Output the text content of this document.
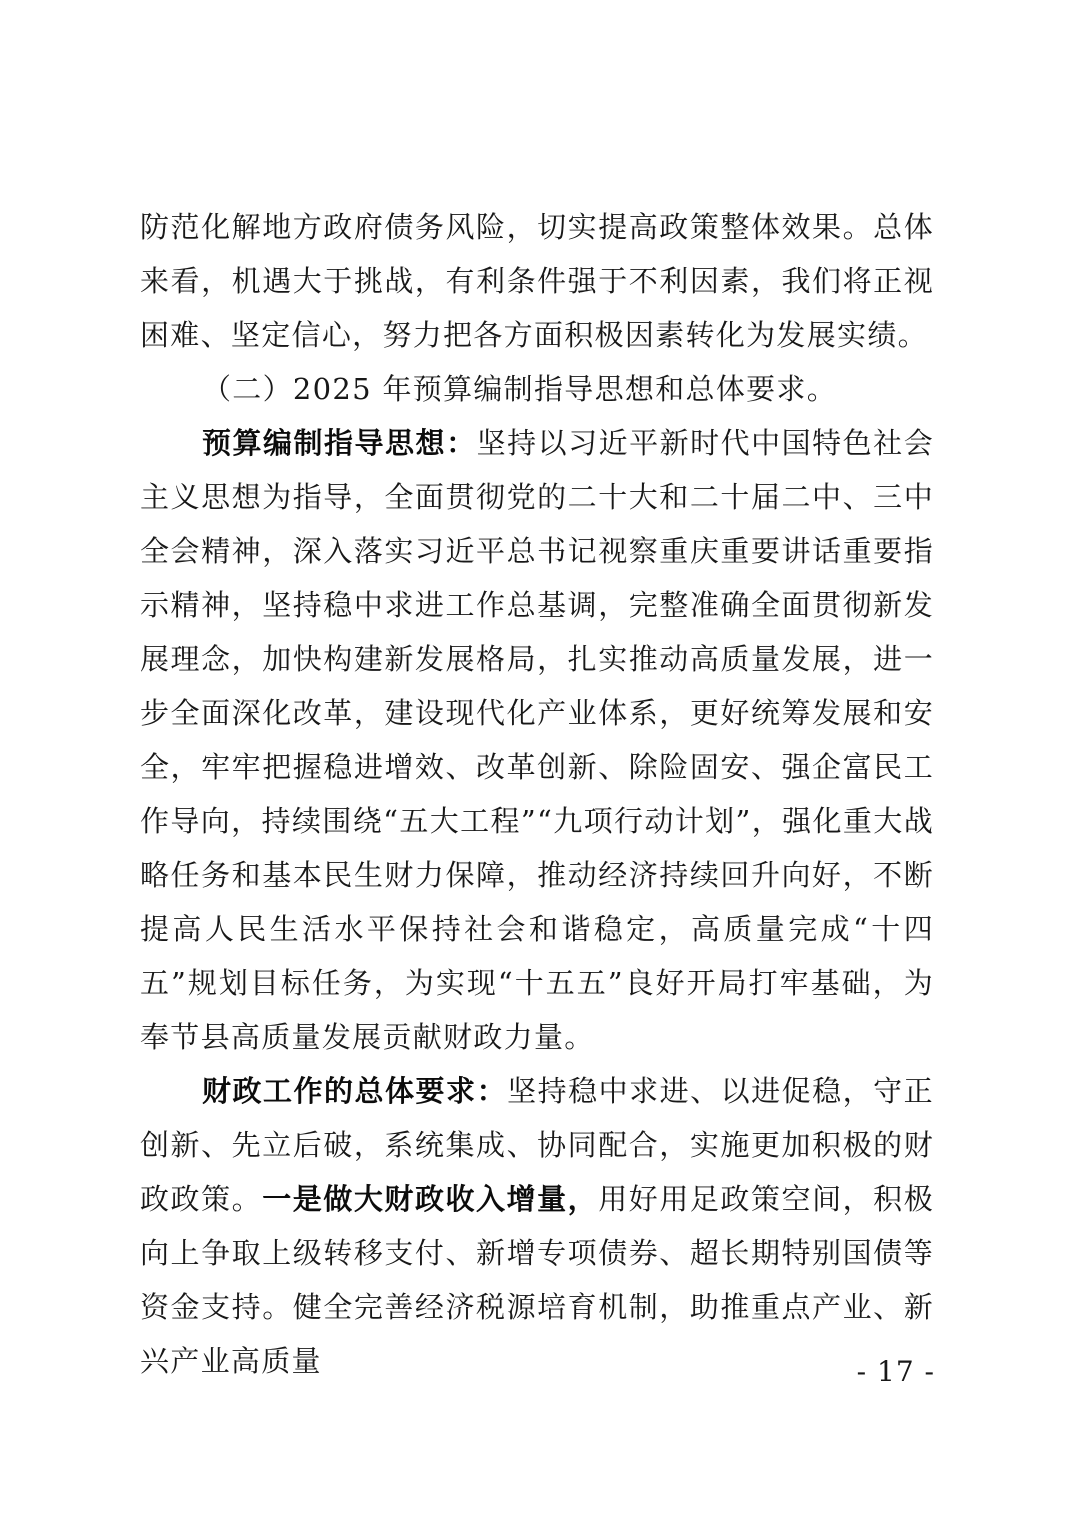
防范化解地方政府债务风险，切实提高政策整体效果。总体来看，机遇大于挑战，有利条件强于不利因素，我们将正视困难、坚定信心，努力把各方面积极因素转化为发展实绩。

（二）2025 年预算编制指导思想和总体要求。

预算编制指导思想：坚持以习近平新时代中国特色社会主义思想为指导，全面贯彻党的二十大和二十届二中、三中全会精神，深入落实习近平总书记视察重庆重要讲话重要指示精神，坚持稳中求进工作总基调，完整准确全面贯彻新发展理念，加快构建新发展格局，扎实推动高质量发展，进一步全面深化改革，建设现代化产业体系，更好统筹发展和安全，牢牢把握稳进增效、改革创新、除险固安、强企富民工作导向，持续围绕“五大工程”“九项行动计划”，强化重大战略任务和基本民生财力保障，推动经济持续回升向好，不断提高人民生活水平保持社会和谐稳定，高质量完成“十四五”规划目标任务，为实现“十五五”良好开局打牢基础，为奉节县高质量发展贡献财政力量。

财政工作的总体要求：坚持稳中求进、以进促稳，守正创新、先立后破，系统集成、协同配合，实施更加积极的财政政策。一是做大财政收入增量，用好用足政策空间，积极向上争取上级转移支付、新增专项债券、超长期特别国债等资金支持。健全完善经济税源培育机制，助推重点产业、新兴产业高质量	- 17 -
